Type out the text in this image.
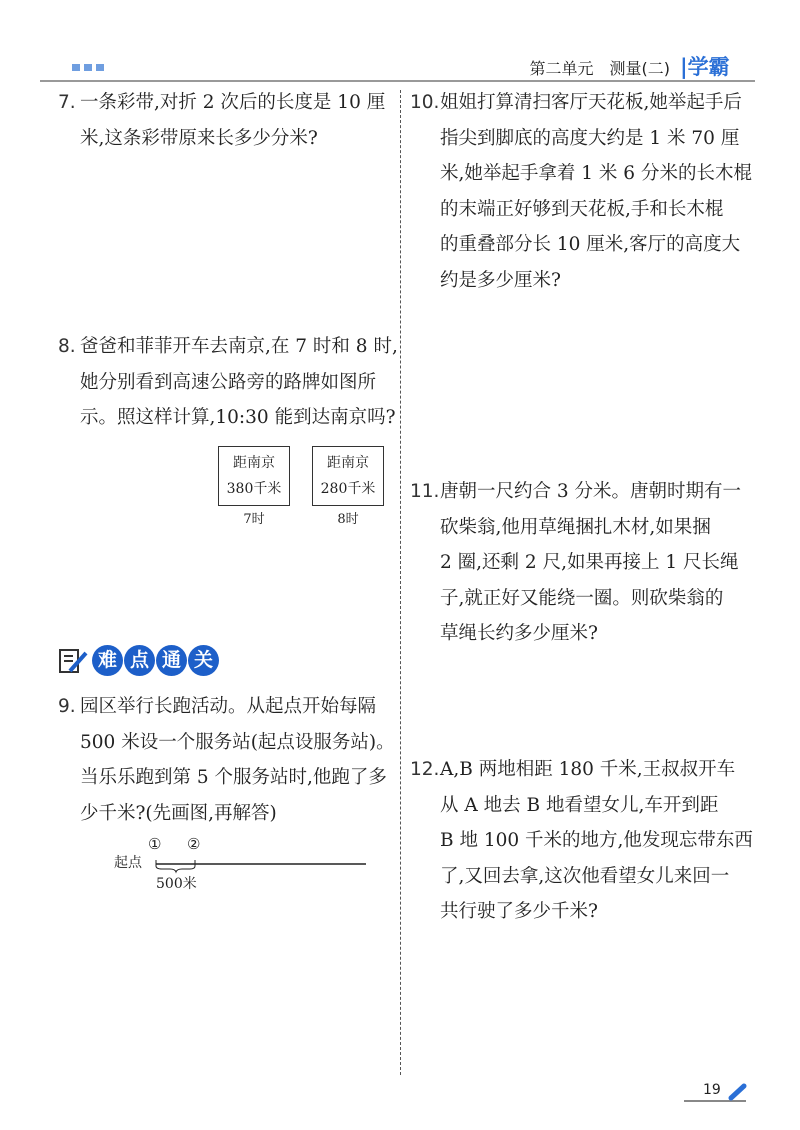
第二单元　测量(二) |学霸
7. 一条彩带,对折 2 次后的长度是 10 厘
米,这条彩带原来长多少分米?
8. 爸爸和菲菲开车去南京,在 7 时和 8 时,
她分别看到高速公路旁的路牌如图所
示。照这样计算,10:30 能到达南京吗?
距南京
380千米
7时
距南京
280千米
8时
难 点 通 关
9. 园区举行长跑活动。从起点开始每隔
500 米设一个服务站(起点设服务站)。
当乐乐跑到第 5 个服务站时,他跑了多
少千米?(先画图,再解答)
起点
① ②
500米
10. 姐姐打算清扫客厅天花板,她举起手后
指尖到脚底的高度大约是 1 米 70 厘
米,她举起手拿着 1 米 6 分米的长木棍
的末端正好够到天花板,手和长木棍
的重叠部分长 10 厘米,客厅的高度大
约是多少厘米?
11. 唐朝一尺约合 3 分米。唐朝时期有一
砍柴翁,他用草绳捆扎木材,如果捆
2 圈,还剩 2 尺,如果再接上 1 尺长绳
子,就正好又能绕一圈。则砍柴翁的
草绳长约多少厘米?
12. A,B 两地相距 180 千米,王叔叔开车
从 A 地去 B 地看望女儿,车开到距
B 地 100 千米的地方,他发现忘带东西
了,又回去拿,这次他看望女儿来回一
共行驶了多少千米?
19
